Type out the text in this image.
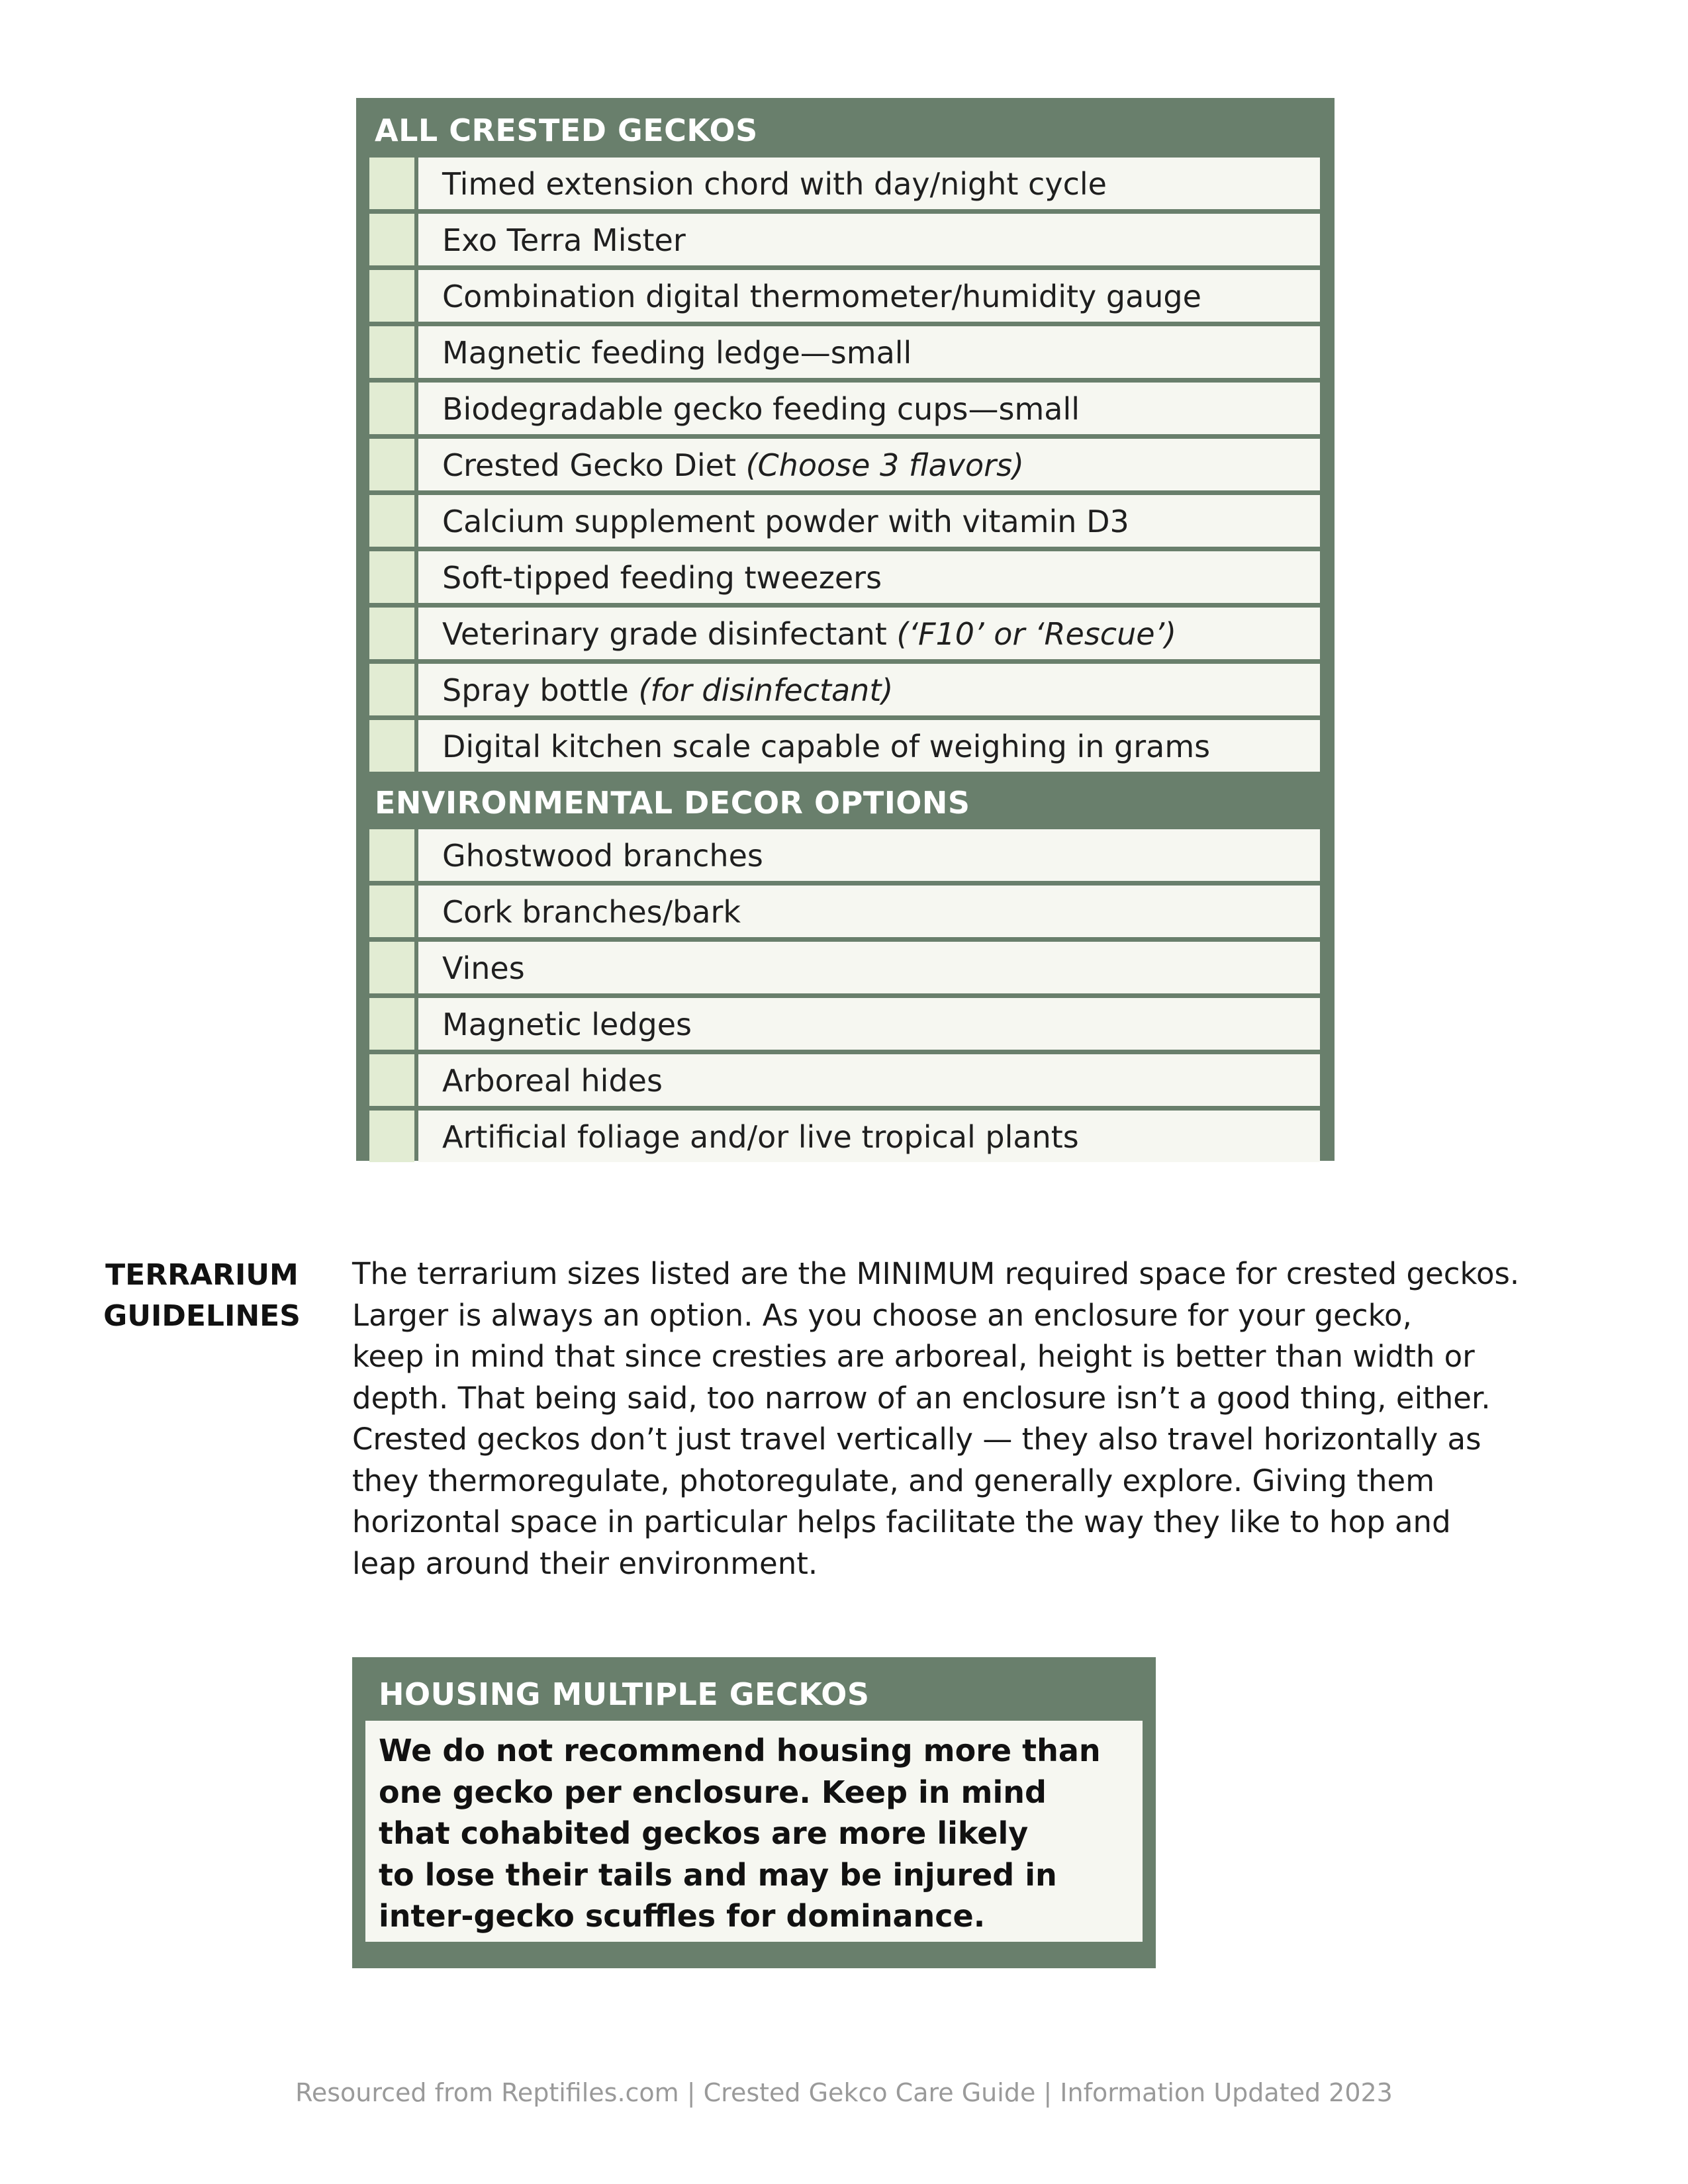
ALL CRESTED GECKOS
Timed extension chord with day/night cycle
Exo Terra Mister
Combination digital thermometer/humidity gauge
Magnetic feeding ledge—small
Biodegradable gecko feeding cups—small
Crested Gecko Diet (Choose 3 flavors)
Calcium supplement powder with vitamin D3
Soft-tipped feeding tweezers
Veterinary grade disinfectant (‘F10’ or ‘Rescue’)
Spray bottle (for disinfectant)
Digital kitchen scale capable of weighing in grams
ENVIRONMENTAL DECOR OPTIONS
Ghostwood branches
Cork branches/bark
Vines
Magnetic ledges
Arboreal hides
Artificial foliage and/or live tropical plants
TERRARIUM
GUIDELINES
The terrarium sizes listed are the MINIMUM required space for crested geckos.
Larger is always an option. As you choose an enclosure for your gecko,
keep in mind that since cresties are arboreal, height is better than width or
depth. That being said, too narrow of an enclosure isn’t a good thing, either.
Crested geckos don’t just travel vertically — they also travel horizontally as
they thermoregulate, photoregulate, and generally explore. Giving them
horizontal space in particular helps facilitate the way they like to hop and
leap around their environment.
HOUSING MULTIPLE GECKOS
We do not recommend housing more than
one gecko per enclosure. Keep in mind
that cohabited geckos are more likely
to lose their tails and may be injured in
inter-gecko scuffles for dominance.
Resourced from Reptifiles.com | Crested Gekco Care Guide | Information Updated 2023
